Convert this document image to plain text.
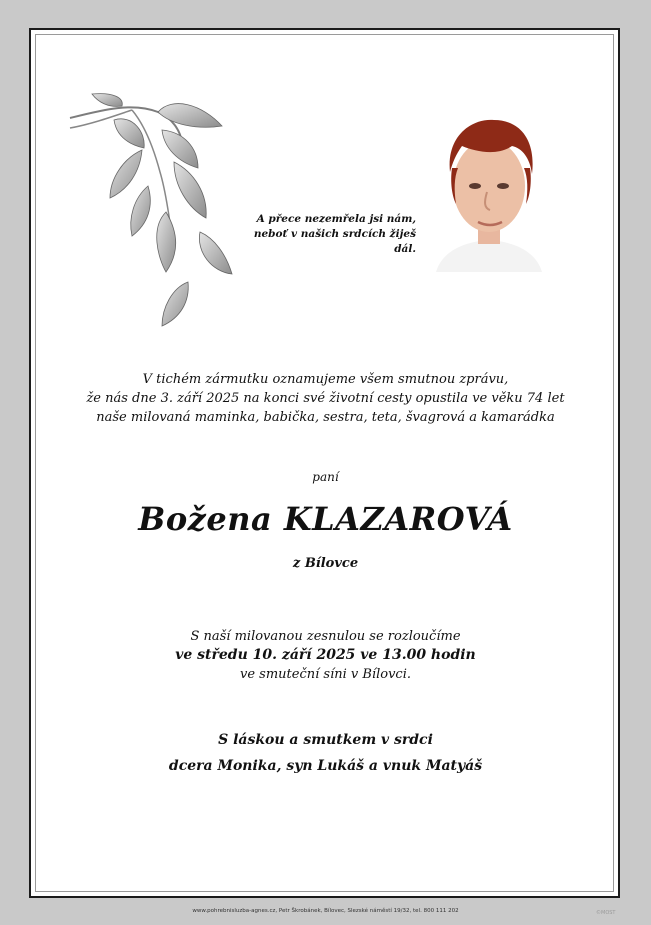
A přece nezemřela jsi nám,
neboť v našich srdcích žiješ dál.
V tichém zármutku oznamujeme všem smutnou zprávu,
že nás dne 3. září 2025 na konci své životní cesty opustila ve věku 74 let
naše milovaná maminka, babička, sestra, teta, švagrová a kamarádka
paní
Božena KLAZAROVÁ
z Bílovce
S naší milovanou zesnulou se rozloučíme
ve středu 10. září 2025 ve 13.00 hodin
ve smuteční síni v Bílovci.
S láskou a smutkem v srdci
dcera Monika, syn Lukáš a vnuk Matyáš
www.pohrebnisluzba-agnes.cz, Petr Škrobánek, Bílovec, Slezské náměstí 19/32, tel. 800 111 202	©MOST
